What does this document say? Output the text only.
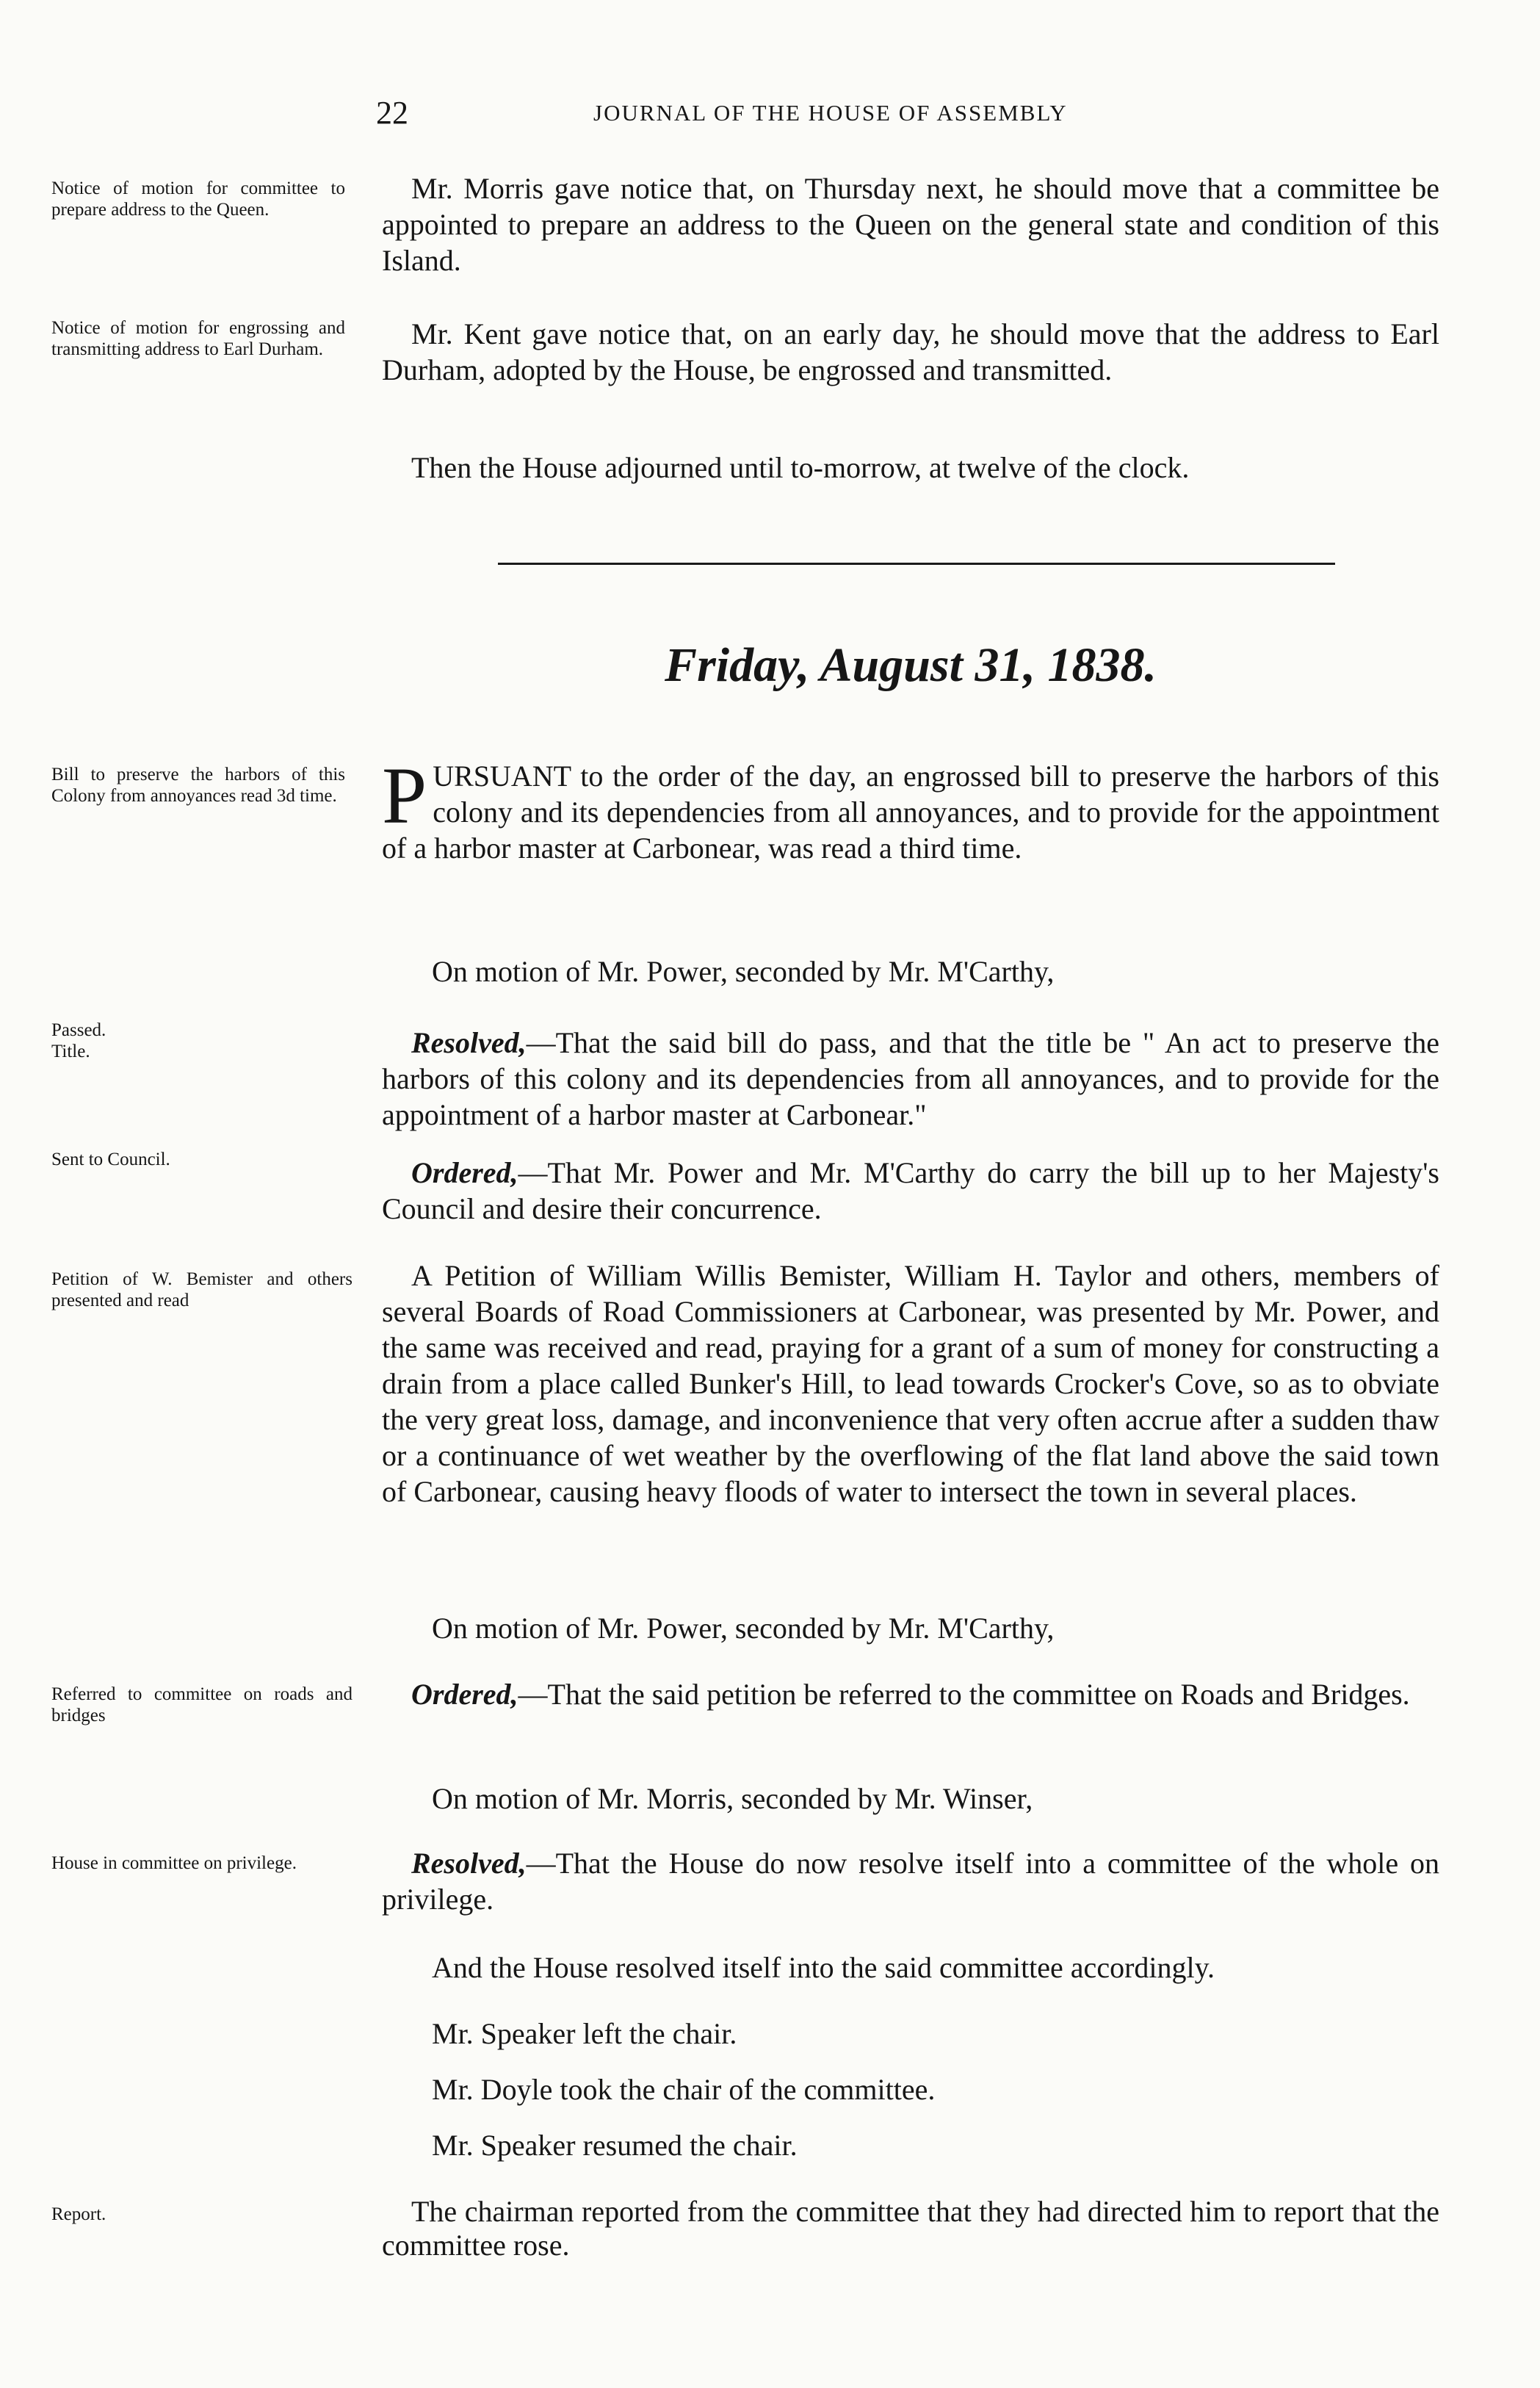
22	JOURNAL OF THE HOUSE OF ASSEMBLY
Notice of motion for committee to prepare address to the Queen.
Notice of motion for engrossing and transmitting address to Earl Durham.
Bill to preserve the harbors of this Colony from annoyances read 3d time.
Passed.
Title.
Sent to Council.
Petition of W. Bemister and others presented and read
Referred to committee on roads and bridges
House in committee on privilege.
Report.

Mr. Morris gave notice that, on Thursday next, he should move that a committee be appointed to prepare an address to the Queen on the general state and condition of this Island.

Mr. Kent gave notice that, on an early day, he should move that the address to Earl Durham, adopted by the House, be engrossed and transmitted.

Then the House adjourned until to-morrow, at twelve of the clock.

Friday, August 31, 1838.

PURSUANT to the order of the day, an engrossed bill to preserve the harbors of this colony and its dependencies from all annoyances, and to provide for the appointment of a harbor master at Carbonear, was read a third time.

On motion of Mr. Power, seconded by Mr. M'Carthy,

Resolved,—That the said bill do pass, and that the title be " An act to preserve the harbors of this colony and its dependencies from all annoyances, and to provide for the appointment of a harbor master at Carbonear."

Ordered,—That Mr. Power and Mr. M'Carthy do carry the bill up to her Majesty's Council and desire their concurrence.

A Petition of William Willis Bemister, William H. Taylor and others, members of several Boards of Road Commissioners at Carbonear, was presented by Mr. Power, and the same was received and read, praying for a grant of a sum of money for constructing a drain from a place called Bunker's Hill, to lead towards Crocker's Cove, so as to obviate the very great loss, damage, and inconvenience that very often accrue after a sudden thaw or a continuance of wet weather by the overflowing of the flat land above the said town of Carbonear, causing heavy floods of water to intersect the town in several places.

On motion of Mr. Power, seconded by Mr. M'Carthy,

Ordered,—That the said petition be referred to the committee on Roads and Bridges.

On motion of Mr. Morris, seconded by Mr. Winser,

Resolved,—That the House do now resolve itself into a committee of the whole on privilege.

And the House resolved itself into the said committee accordingly.

Mr. Speaker left the chair.

Mr. Doyle took the chair of the committee.

Mr. Speaker resumed the chair.

The chairman reported from the committee that they had directed him to report that the committee rose.
